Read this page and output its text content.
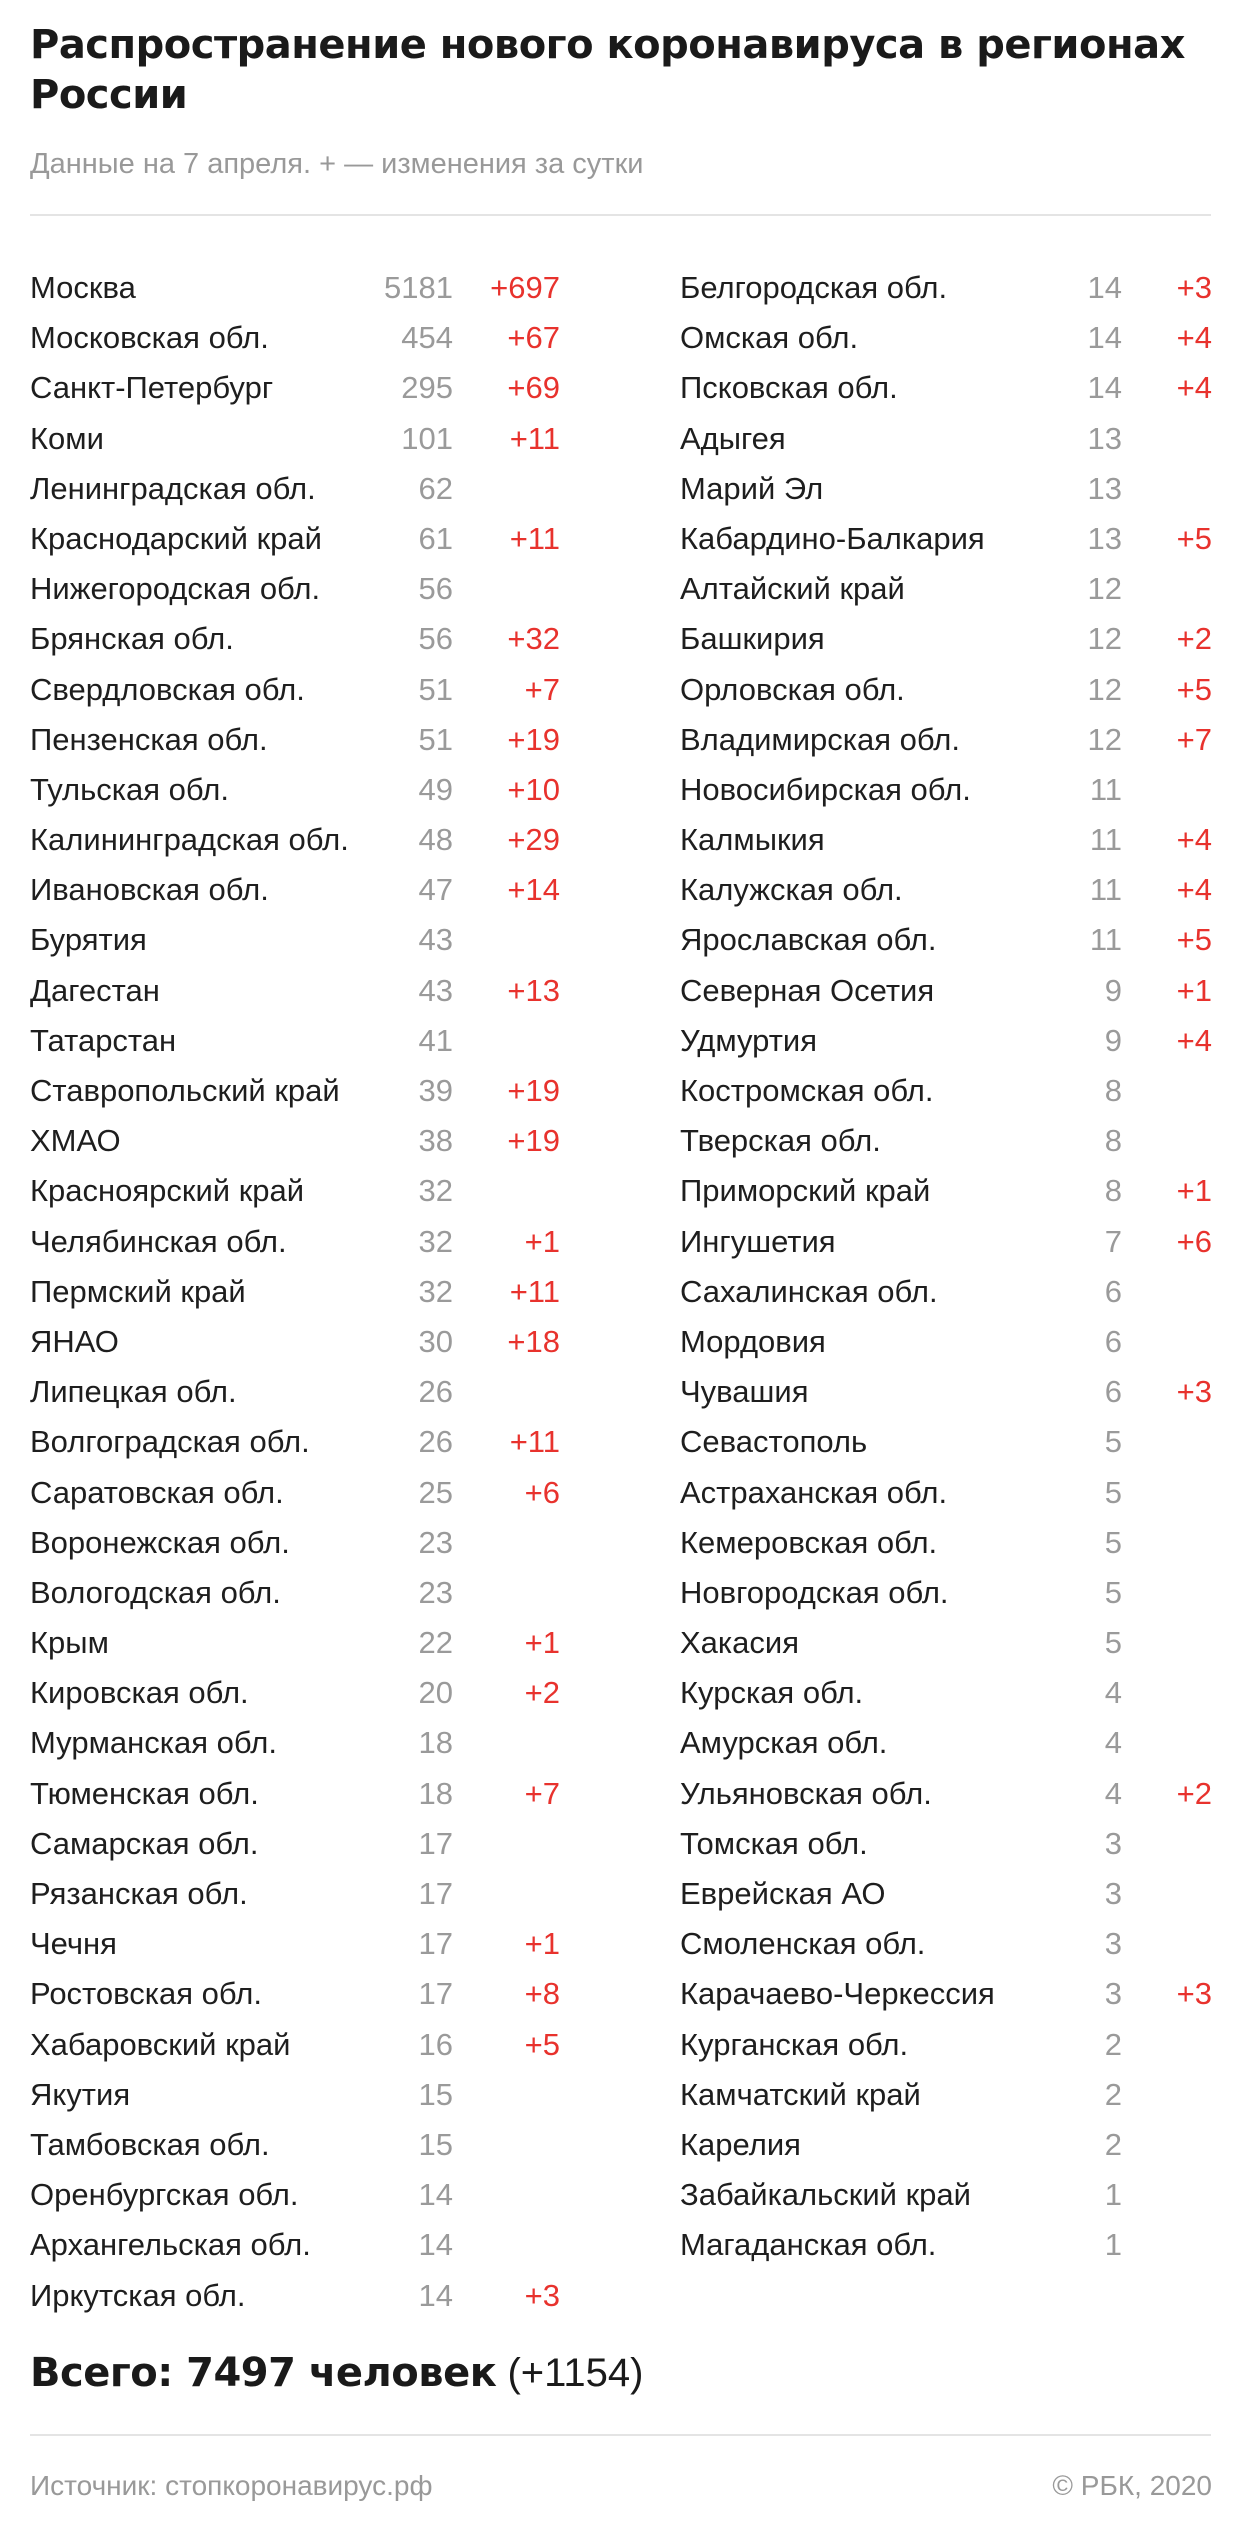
Распространение нового коронавируса в регионах России
Данные на 7 апреля. + — изменения за сутки
Москва	5181 +697
Московская обл.	454 +67
Санкт-Петербург	295 +69
Коми	101 +11
Ленинградская обл.	62
Краснодарский край	61 +11
Нижегородская обл.	56
Брянская обл.	56 +32
Свердловская обл.	51 +7
Пензенская обл.	51 +19
Тульская обл.	49 +10
Калининградская обл. 48 +29
Ивановская обл.	47 +14
Бурятия	43
Дагестан	43 +13
Татарстан	41
Ставропольский край	39 +19
ХМАО	38 +19
Красноярский край	32
Челябинская обл.	32 +1
Пермский край	32 +11
ЯНАО	30 +18
Липецкая обл.	26
Волгоградская обл.	26 +11
Саратовская обл.	25 +6
Воронежская обл.	23
Вологодская обл.	23
Крым	22 +1
Кировская обл.	20 +2
Мурманская обл.	18
Тюменская обл.	18 +7
Самарская обл.	17
Рязанская обл.	17
Чечня	17 +1
Ростовская обл.	17 +8
Хабаровский край	16 +5
Якутия	15
Тамбовская обл.	15
Оренбургская обл.	14
Архангельская обл.	14
Иркутская обл.	14 +3
Белгородская обл.	14 +3
Омская обл.	14 +4
Псковская обл.	14 +4
Адыгея	13
Марий Эл	13
Кабардино-Балкария	13 +5
Алтайский край	12
Башкирия	12 +2
Орловская обл.	12 +5
Владимирская обл.	12 +7
Новосибирская обл.	11
Калмыкия	11 +4
Калужская обл.	11 +4
Ярославская обл.	11 +5
Северная Осетия	9 +1
Удмуртия	9 +4
Костромская обл.	8
Тверская обл.	8
Приморский край	8 +1
Ингушетия	7 +6
Сахалинская обл.	6
Мордовия	6
Чувашия	6 +3
Севастополь	5
Астраханская обл.	5
Кемеровская обл.	5
Новгородская обл.	5
Хакасия	5
Курская обл.	4
Амурская обл.	4
Ульяновская обл.	4 +2
Томская обл.	3
Еврейская АО	3
Смоленская обл.	3
Карачаево-Черкессия	3 +3
Курганская обл.	2
Камчатский край	2
Карелия	2
Забайкальский край	1
Магаданская обл.	1
Всего: 7497 человек (+1154)
Источник: стопкоронавирус.рф	© РБК, 2020
